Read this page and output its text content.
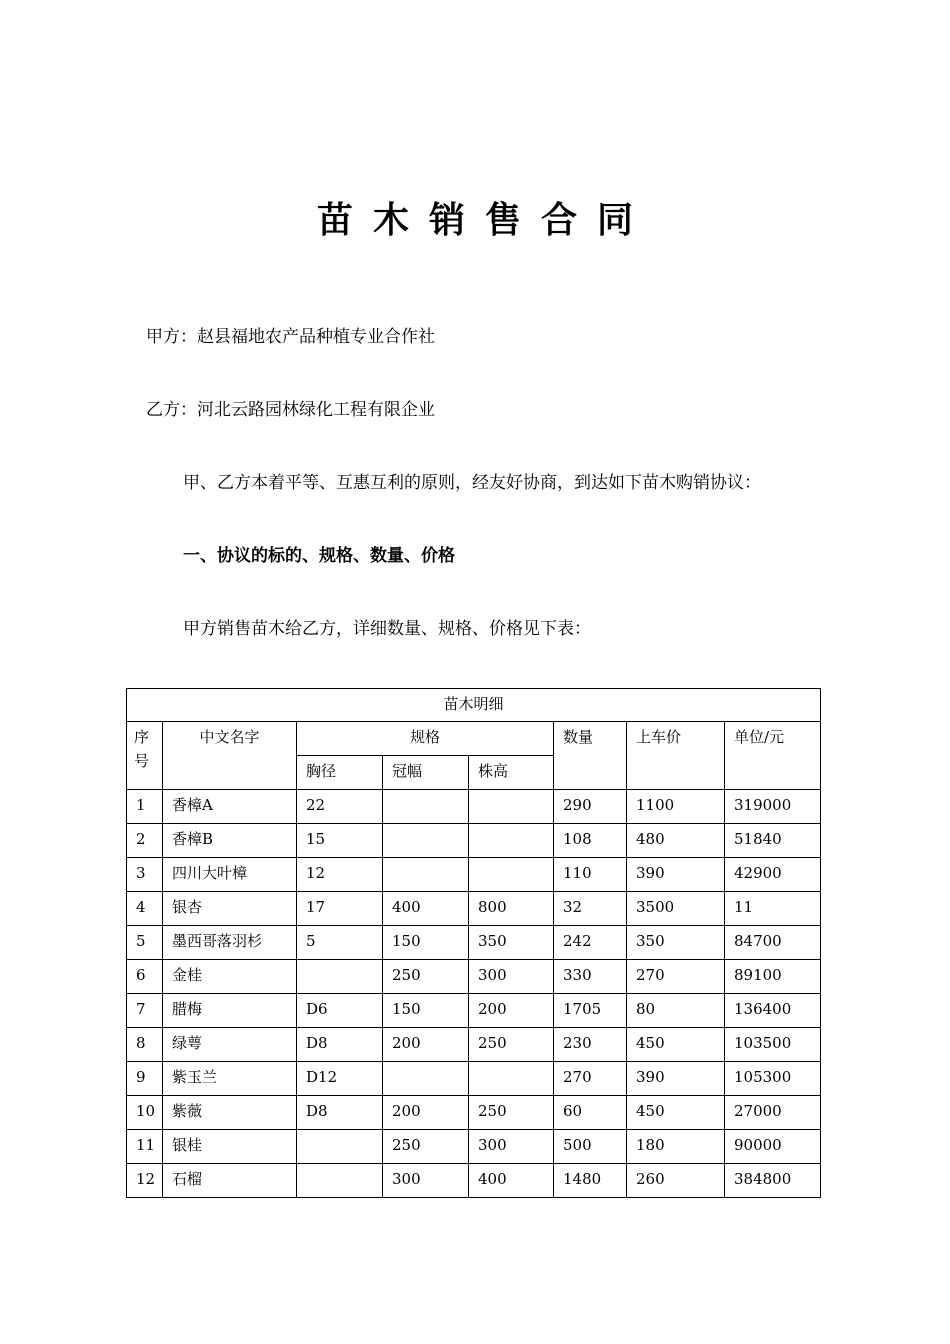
苗木销售合同
甲方：赵县福地农产品种植专业合作社
乙方：河北云路园林绿化工程有限企业
甲、乙方本着平等、互惠互利的原则，经友好协商，到达如下苗木购销协议：
一、协议的标的、规格、数量、价格
甲方销售苗木给乙方，详细数量、规格、价格见下表：
苗木明细							
序号	中文名字	规格			数量	上车价	单位/元
		胸径	冠幅	株高			
1	香樟A	22			290	1100	319000
2	香樟B	15			108	480	51840
3	四川大叶樟	12			110	390	42900
4	银杏	17	400	800	32	3500	11
5	墨西哥落羽杉	5	150	350	242	350	84700
6	金桂		250	300	330	270	89100
7	腊梅	D6	150	200	1705	80	136400
8	绿萼	D8	200	250	230	450	103500
9	紫玉兰	D12			270	390	105300
10	紫薇	D8	200	250	60	450	27000
11	银桂		250	300	500	180	90000
12	石榴		300	400	1480	260	384800
